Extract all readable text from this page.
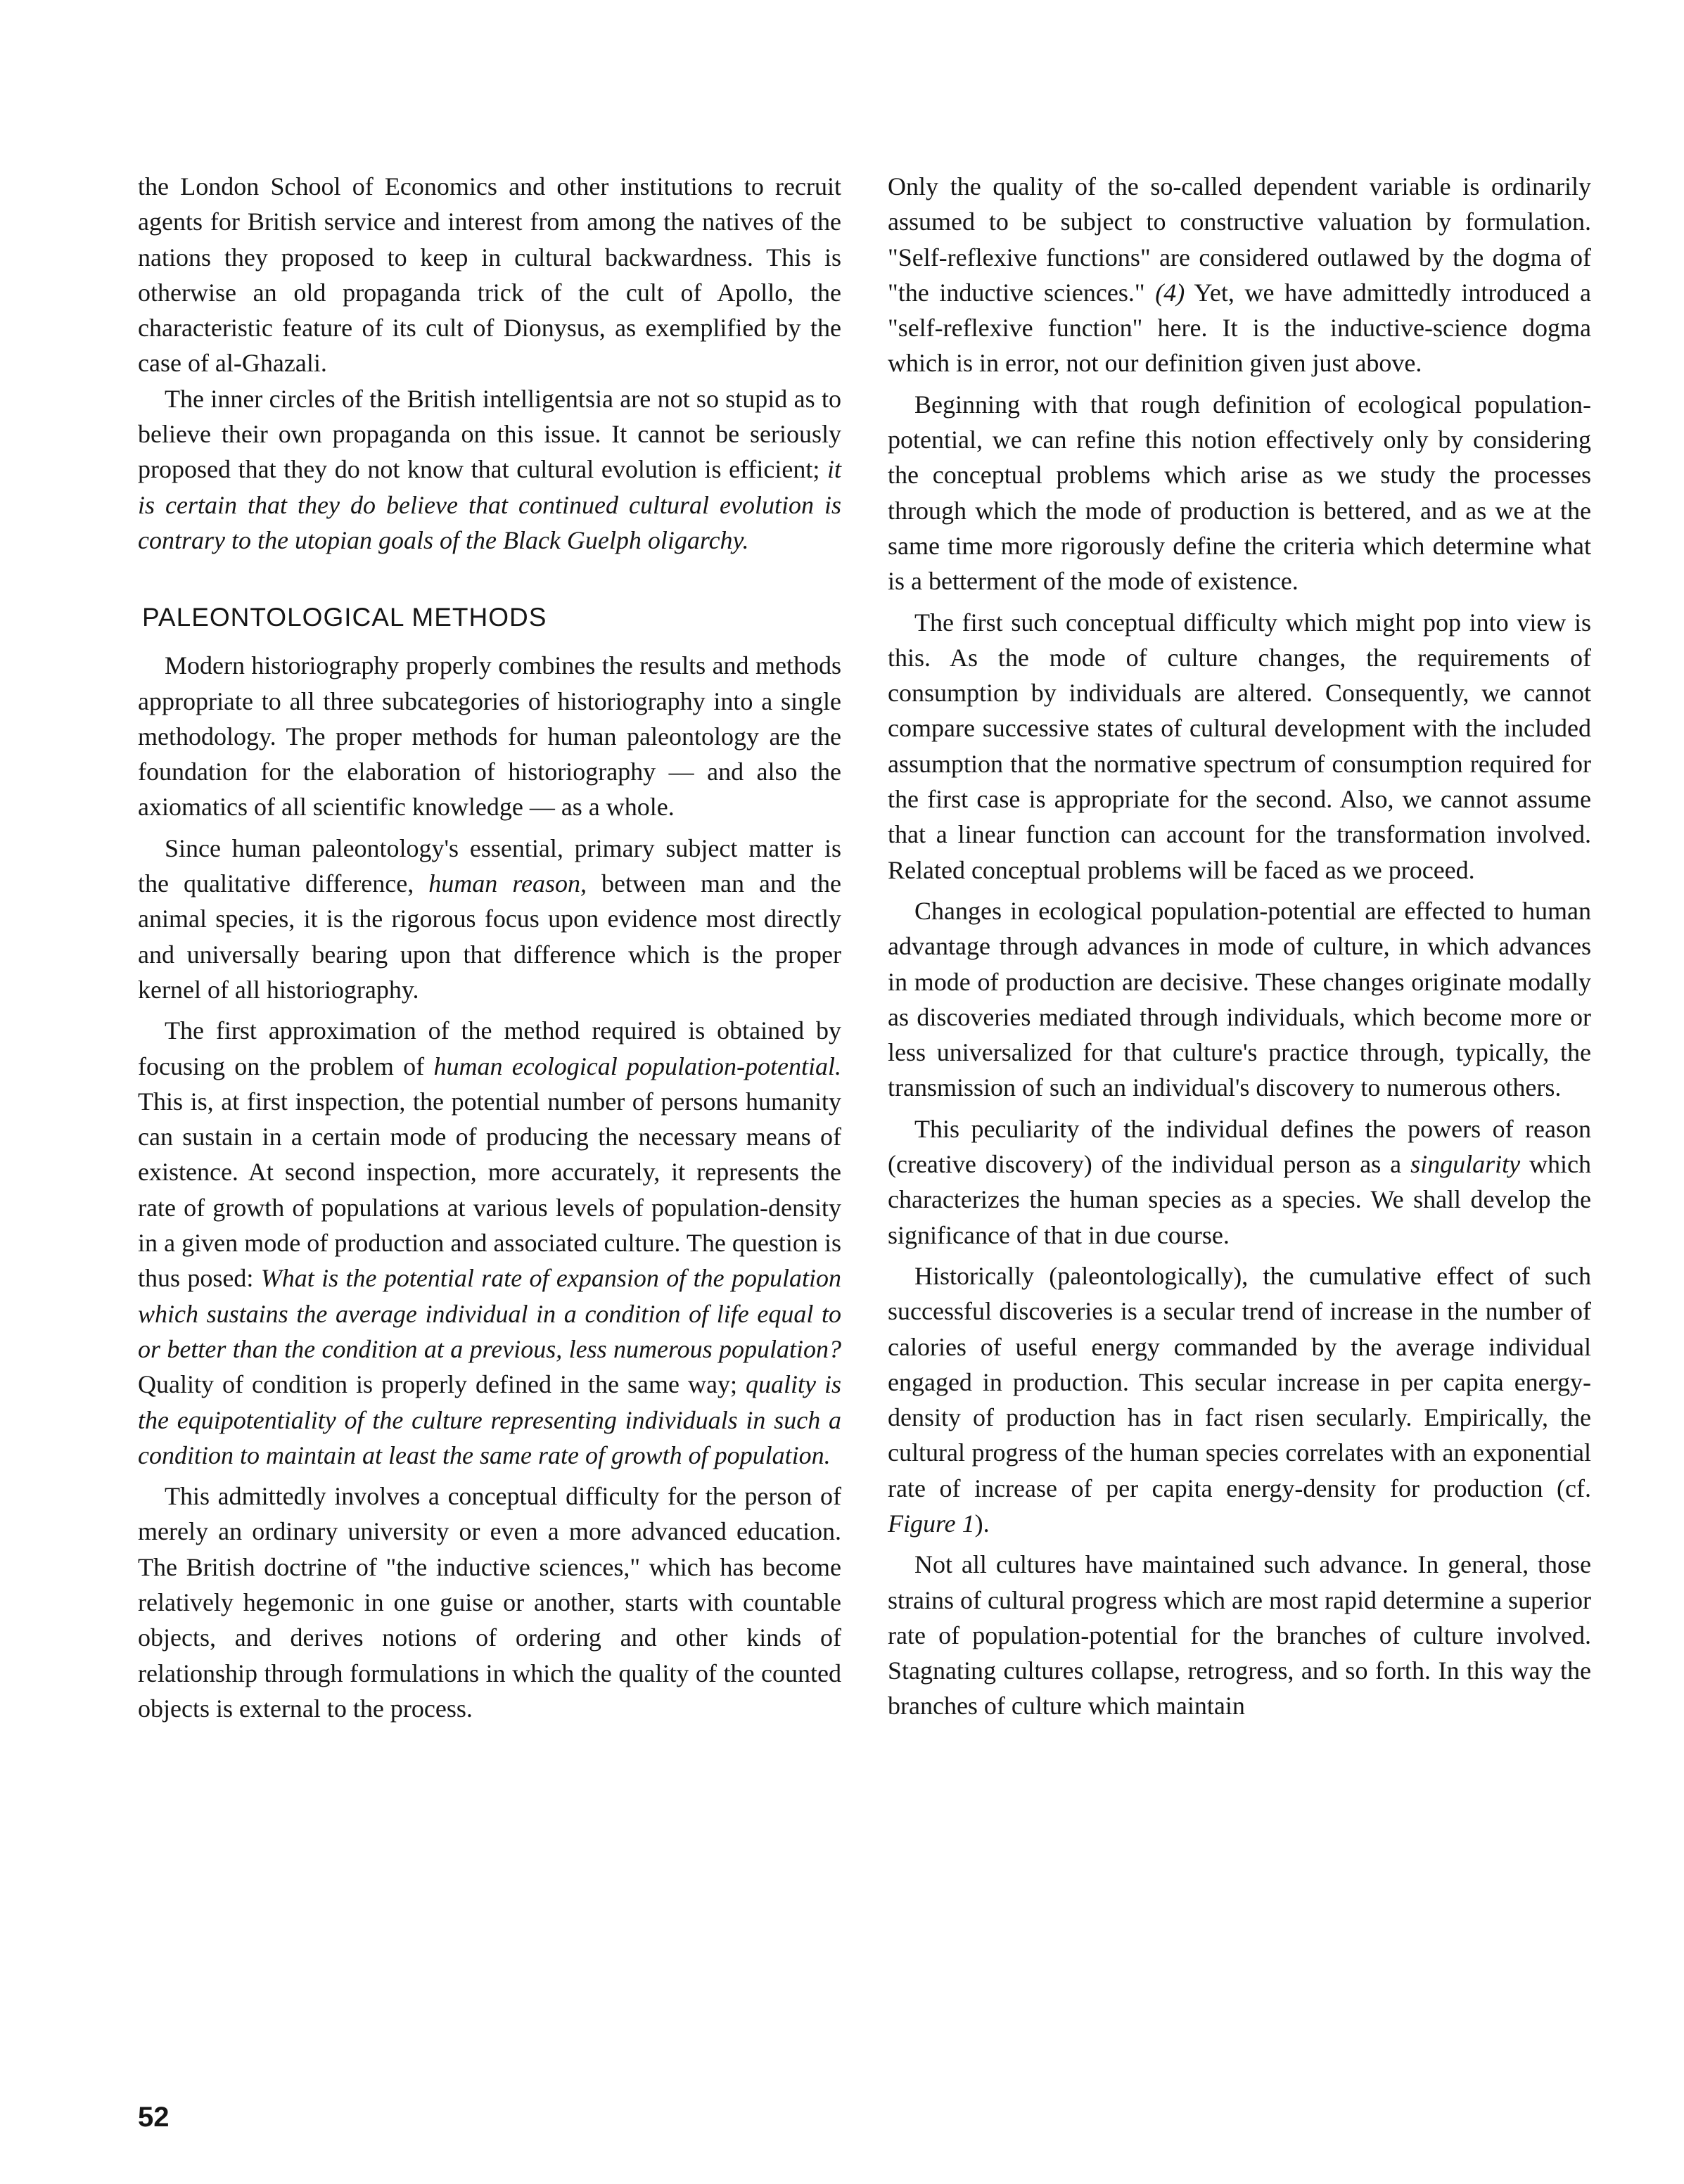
the London School of Economics and other institutions to recruit agents for British service and interest from among the natives of the nations they proposed to keep in cultural backwardness. This is otherwise an old propaganda trick of the cult of Apollo, the characteristic feature of its cult of Dionysus, as exemplified by the case of al-Ghazali.

The inner circles of the British intelligentsia are not so stupid as to believe their own propaganda on this issue. It cannot be seriously proposed that they do not know that cultural evolution is efficient; it is certain that they do believe that continued cultural evolution is contrary to the utopian goals of the Black Guelph oligarchy.

PALEONTOLOGICAL METHODS

Modern historiography properly combines the results and methods appropriate to all three subcategories of historiography into a single methodology. The proper methods for human paleontology are the foundation for the elaboration of historiography — and also the axiomatics of all scientific knowledge — as a whole.

Since human paleontology's essential, primary subject matter is the qualitative difference, human reason, between man and the animal species, it is the rigorous focus upon evidence most directly and universally bearing upon that difference which is the proper kernel of all historiography.

The first approximation of the method required is obtained by focusing on the problem of human ecological population-potential. This is, at first inspection, the potential number of persons humanity can sustain in a certain mode of producing the necessary means of existence. At second inspection, more accurately, it represents the rate of growth of populations at various levels of population-density in a given mode of production and associated culture. The question is thus posed: What is the potential rate of expansion of the population which sustains the average individual in a condition of life equal to or better than the condition at a previous, less numerous population? Quality of condition is properly defined in the same way; quality is the equipotentiality of the culture representing individuals in such a condition to maintain at least the same rate of growth of population.

This admittedly involves a conceptual difficulty for the person of merely an ordinary university or even a more advanced education. The British doctrine of "the inductive sciences," which has become relatively hegemonic in one guise or another, starts with countable objects, and derives notions of ordering and other kinds of relationship through formulations in which the quality of the counted objects is external to the process.

Only the quality of the so-called dependent variable is ordinarily assumed to be subject to constructive valuation by formulation. "Self-reflexive functions" are considered outlawed by the dogma of "the inductive sciences." (4) Yet, we have admittedly introduced a "self-reflexive function" here. It is the inductive-science dogma which is in error, not our definition given just above.

Beginning with that rough definition of ecological population-potential, we can refine this notion effectively only by considering the conceptual problems which arise as we study the processes through which the mode of production is bettered, and as we at the same time more rigorously define the criteria which determine what is a betterment of the mode of existence.

The first such conceptual difficulty which might pop into view is this. As the mode of culture changes, the requirements of consumption by individuals are altered. Consequently, we cannot compare successive states of cultural development with the included assumption that the normative spectrum of consumption required for the first case is appropriate for the second. Also, we cannot assume that a linear function can account for the transformation involved. Related conceptual problems will be faced as we proceed.

Changes in ecological population-potential are effected to human advantage through advances in mode of culture, in which advances in mode of production are decisive. These changes originate modally as discoveries mediated through individuals, which become more or less universalized for that culture's practice through, typically, the transmission of such an individual's discovery to numerous others.

This peculiarity of the individual defines the powers of reason (creative discovery) of the individual person as a singularity which characterizes the human species as a species. We shall develop the significance of that in due course.

Historically (paleontologically), the cumulative effect of such successful discoveries is a secular trend of increase in the number of calories of useful energy commanded by the average individual engaged in production. This secular increase in per capita energy-density of production has in fact risen secularly. Empirically, the cultural progress of the human species correlates with an exponential rate of increase of per capita energy-density for production (cf. Figure 1).

Not all cultures have maintained such advance. In general, those strains of cultural progress which are most rapid determine a superior rate of population-potential for the branches of culture involved. Stagnating cultures collapse, retrogress, and so forth. In this way the branches of culture which maintain

52
